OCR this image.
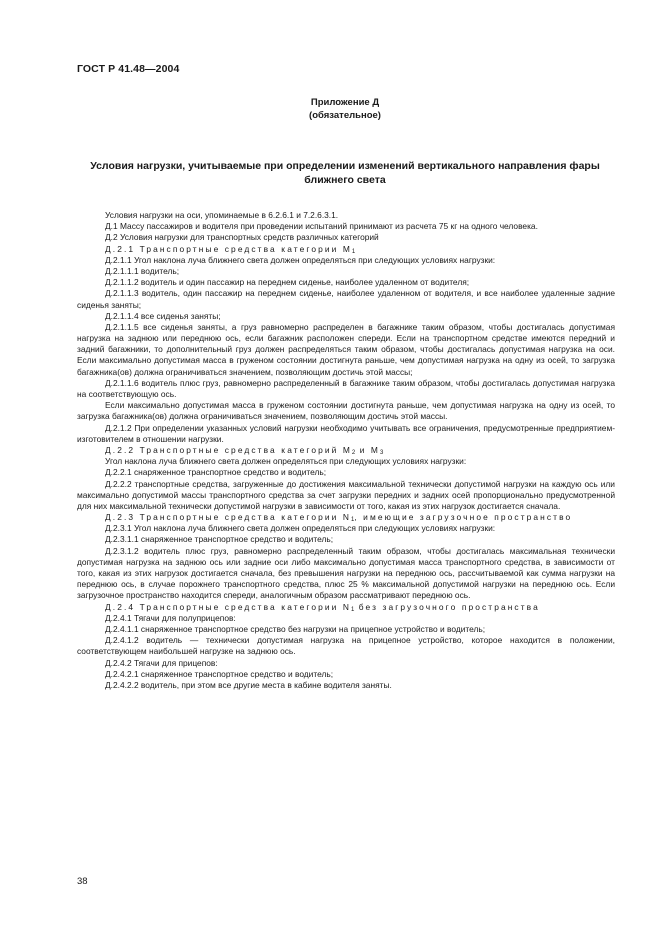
ГОСТ Р 41.48—2004
Приложение Д
(обязательное)
Условия нагрузки, учитываемые при определении изменений вертикального направления фары ближнего света

Условия нагрузки на оси, упоминаемые в 6.2.6.1 и 7.2.6.3.1.

Д.1 Массу пассажиров и водителя при проведении испытаний принимают из расчета 75 кг на одного человека.

Д.2 Условия нагрузки для транспортных средств различных категорий

Д.2.1 Транспортные средства категории $M_1$

Д.2.1.1 Угол наклона луча ближнего света должен определяться при следующих условиях нагрузки:

Д.2.1.1.1 водитель;

Д.2.1.1.2 водитель и один пассажир на переднем сиденье, наиболее удаленном от водителя;

Д.2.1.1.3 водитель, один пассажир на переднем сиденье, наиболее удаленном от водителя, и все наиболее удаленные задние сиденья заняты;

Д.2.1.1.4 все сиденья заняты;

Д.2.1.1.5 все сиденья заняты, а груз равномерно распределен в багажнике таким образом, чтобы достигалась допустимая нагрузка на заднюю или переднюю ось, если багажник расположен спереди. Если на транспортном средстве имеются передний и задний багажники, то дополнительный груз должен распределяться таким образом, чтобы достигалась допустимая нагрузка на оси. Если максимально допустимая масса в груженом состоянии достигнута раньше, чем допустимая нагрузка на одну из осей, то загрузка багажника(ов) должна ограничиваться значением, позволяющим достичь этой массы;

Д.2.1.1.6 водитель плюс груз, равномерно распределенный в багажнике таким образом, чтобы достигалась допустимая нагрузка на соответствующую ось.

Если максимально допустимая масса в груженом состоянии достигнута раньше, чем допустимая нагрузка на одну из осей, то загрузка багажника(ов) должна ограничиваться значением, позволяющим достичь этой массы.

Д.2.1.2 При определении указанных условий нагрузки необходимо учитывать все ограничения, предусмотренные предприятием-изготовителем в отношении нагрузки.

Д.2.2 Транспортные средства категорий $M_2$ и $M_3$

Угол наклона луча ближнего света должен определяться при следующих условиях нагрузки:

Д.2.2.1 снаряженное транспортное средство и водитель;

Д.2.2.2 транспортные средства, загруженные до достижения максимальной технически допустимой нагрузки на каждую ось или максимально допустимой массы транспортного средства за счет загрузки передних и задних осей пропорционально предусмотренной для них максимальной технически допустимой нагрузки в зависимости от того, какая из этих нагрузок достигается сначала.

Д.2.3 Транспортные средства категории $N_1$, имеющие загрузочное пространство

Д.2.3.1 Угол наклона луча ближнего света должен определяться при следующих условиях нагрузки:

Д.2.3.1.1 снаряженное транспортное средство и водитель;

Д.2.3.1.2 водитель плюс груз, равномерно распределенный таким образом, чтобы достигалась максимальная технически допустимая нагрузка на заднюю ось или задние оси либо максимально допустимая масса транспортного средства, в зависимости от того, какая из этих нагрузок достигается сначала, без превышения нагрузки на переднюю ось, рассчитываемой как сумма нагрузки на переднюю ось, в случае порожнего транспортного средства, плюс 25 % максимальной допустимой нагрузки на переднюю ось. Если загрузочное пространство находится спереди, аналогичным образом рассматривают переднюю ось.

Д.2.4 Транспортные средства категории $N_1$ без загрузочного пространства

Д.2.4.1 Тягачи для полуприцепов:

Д.2.4.1.1 снаряженное транспортное средство без нагрузки на прицепное устройство и водитель;

Д.2.4.1.2 водитель — технически допустимая нагрузка на прицепное устройство, которое находится в положении, соответствующем наибольшей нагрузке на заднюю ось.

Д.2.4.2 Тягачи для прицепов:

Д.2.4.2.1 снаряженное транспортное средство и водитель;

Д.2.4.2.2 водитель, при этом все другие места в кабине водителя заняты.

38
